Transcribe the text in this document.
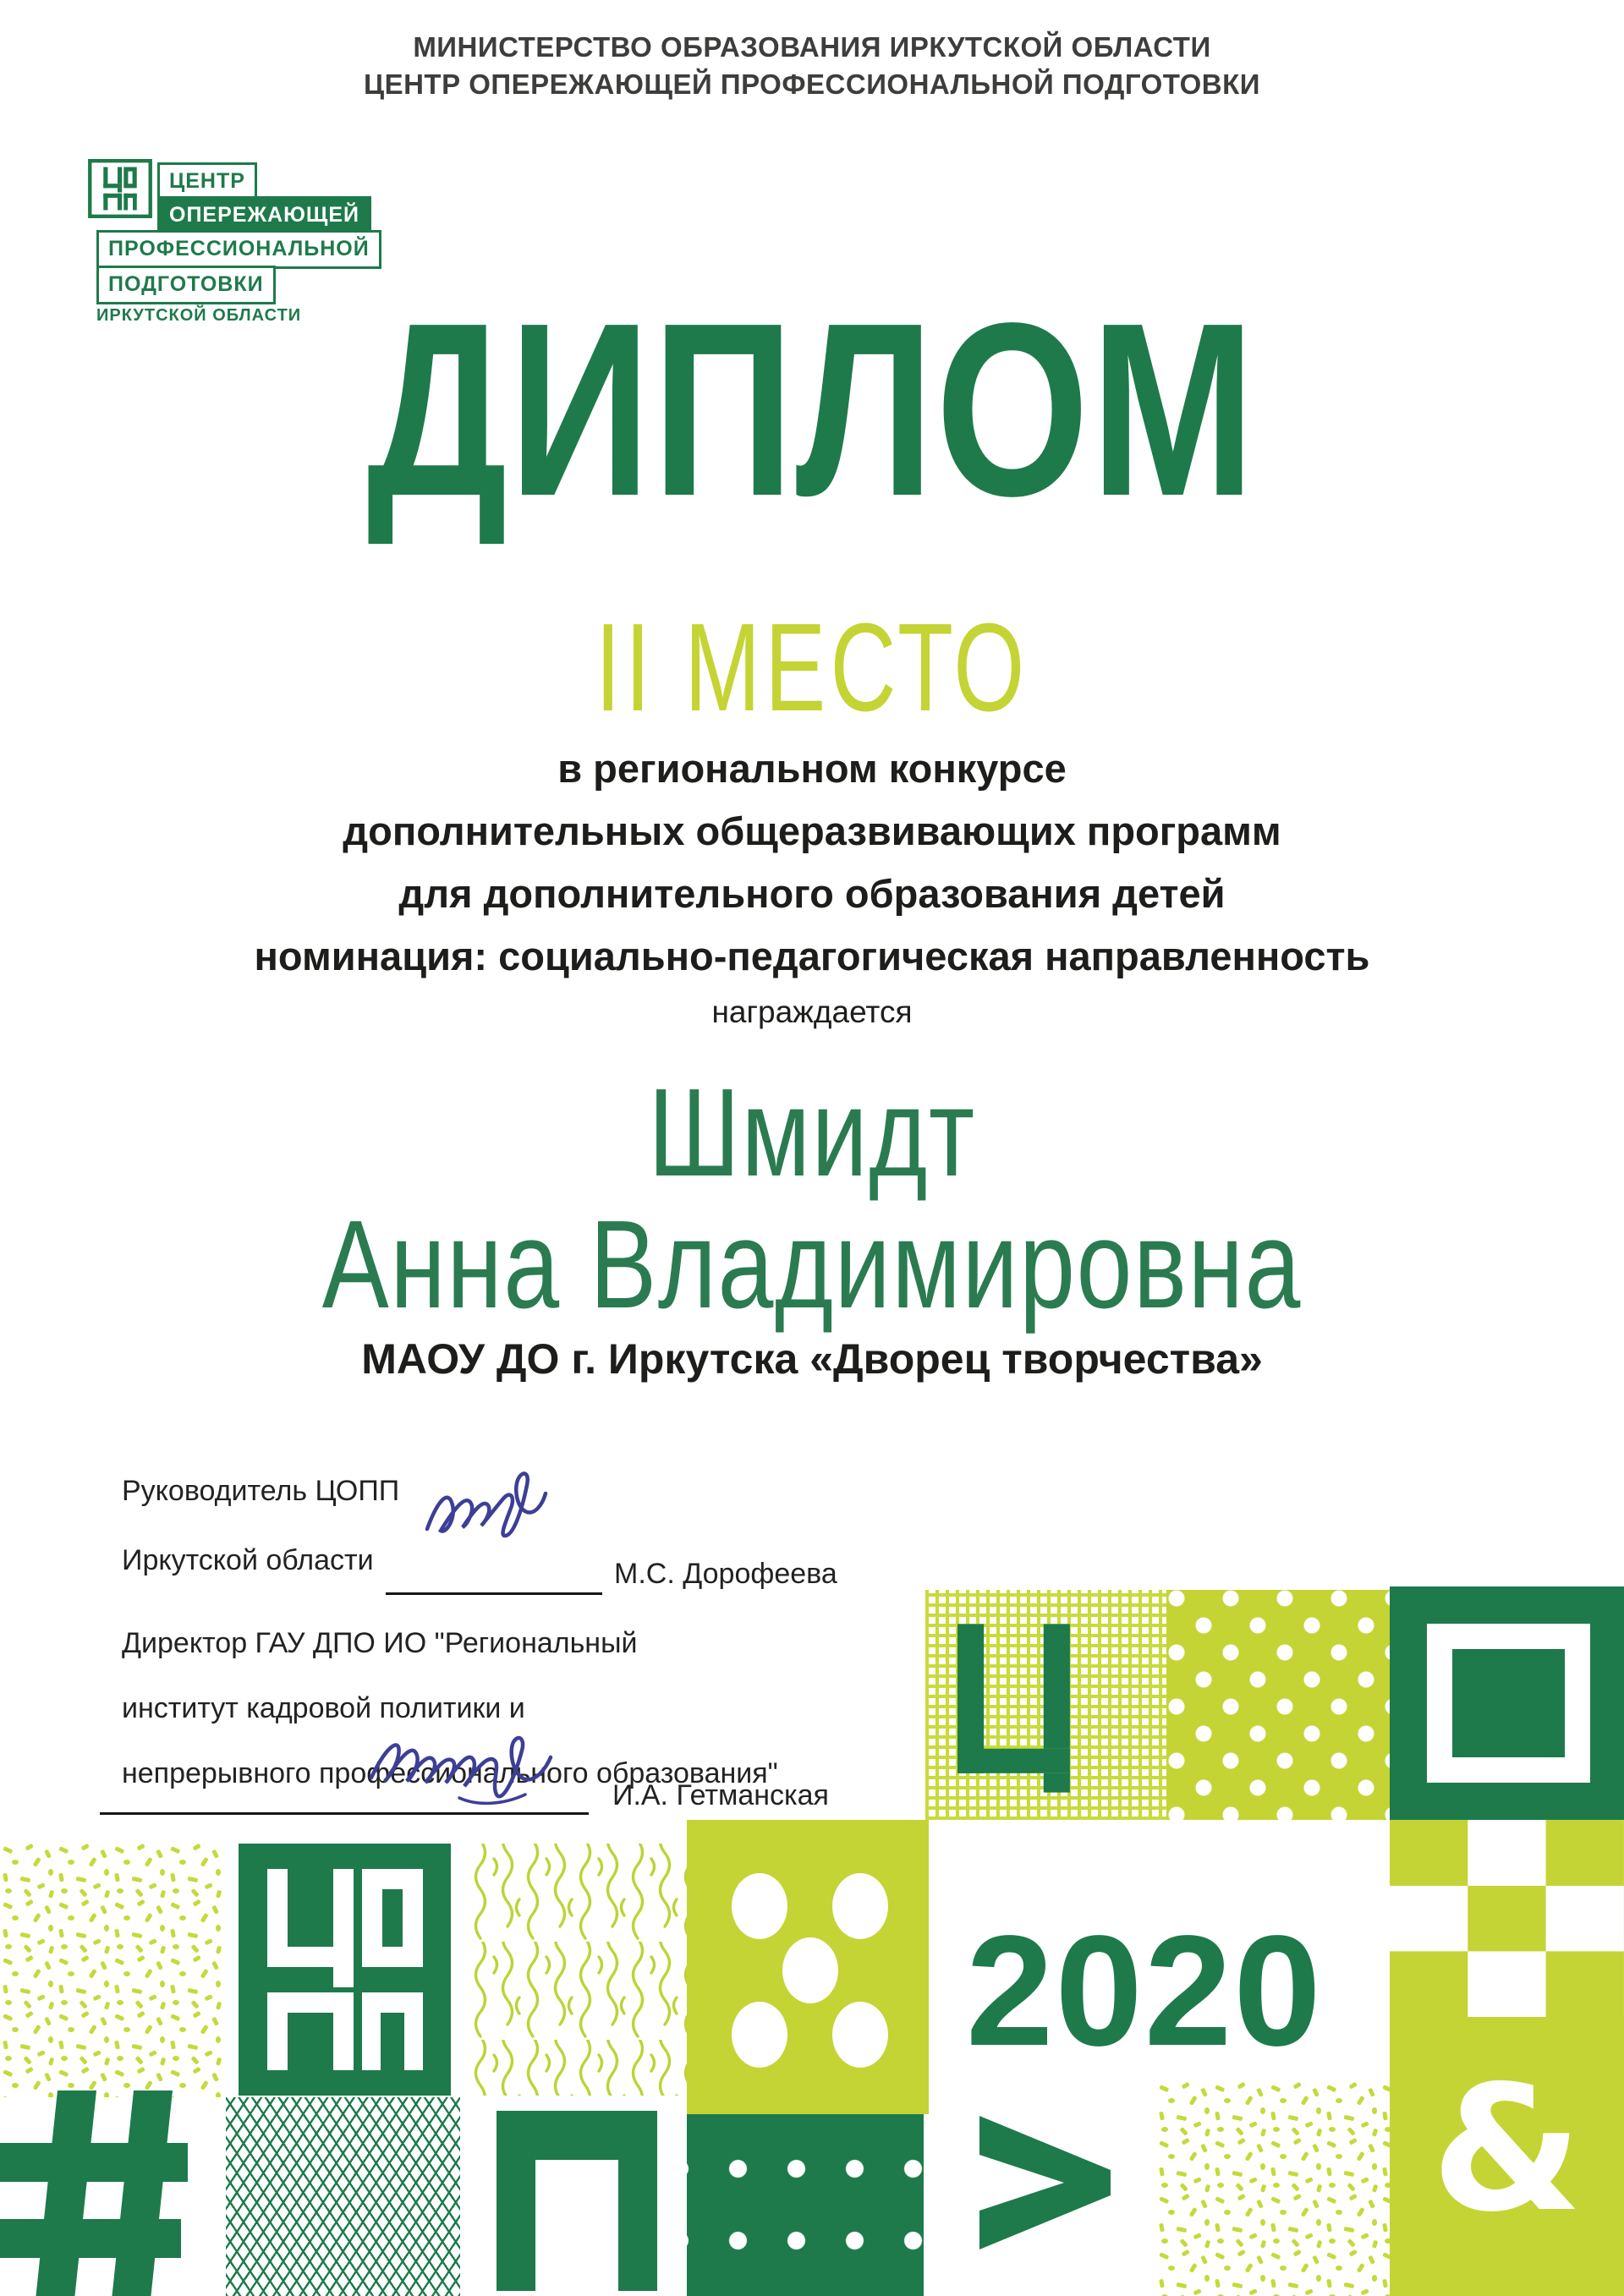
МИНИСТЕРСТВО ОБРАЗОВАНИЯ ИРКУТСКОЙ ОБЛАСТИ
ЦЕНТР ОПЕРЕЖАЮЩЕЙ ПРОФЕССИОНАЛЬНОЙ ПОДГОТОВКИ
ЦЕНТР
ОПЕРЕЖАЮЩЕЙ
ПРОФЕССИОНАЛЬНОЙ
ПОДГОТОВКИ
ИРКУТСКОЙ ОБЛАСТИ ДИПЛОМ
II МЕСТО
в региональном конкурсе
дополнительных общеразвивающих программ
для дополнительного образования детей
номинация: социально-педагогическая направленность
награждается
Шмидт
Анна Владимировна
МАОУ ДО г. Иркутска «Дворец творчества»
Руководитель ЦОПП
Иркутской области	М.С. Дорофеева
Директор ГАУ ДПО ИО "Региональный
институт кадровой политики и
непрерывного профессионального образования"
И.А. Гетманская
2020
&
